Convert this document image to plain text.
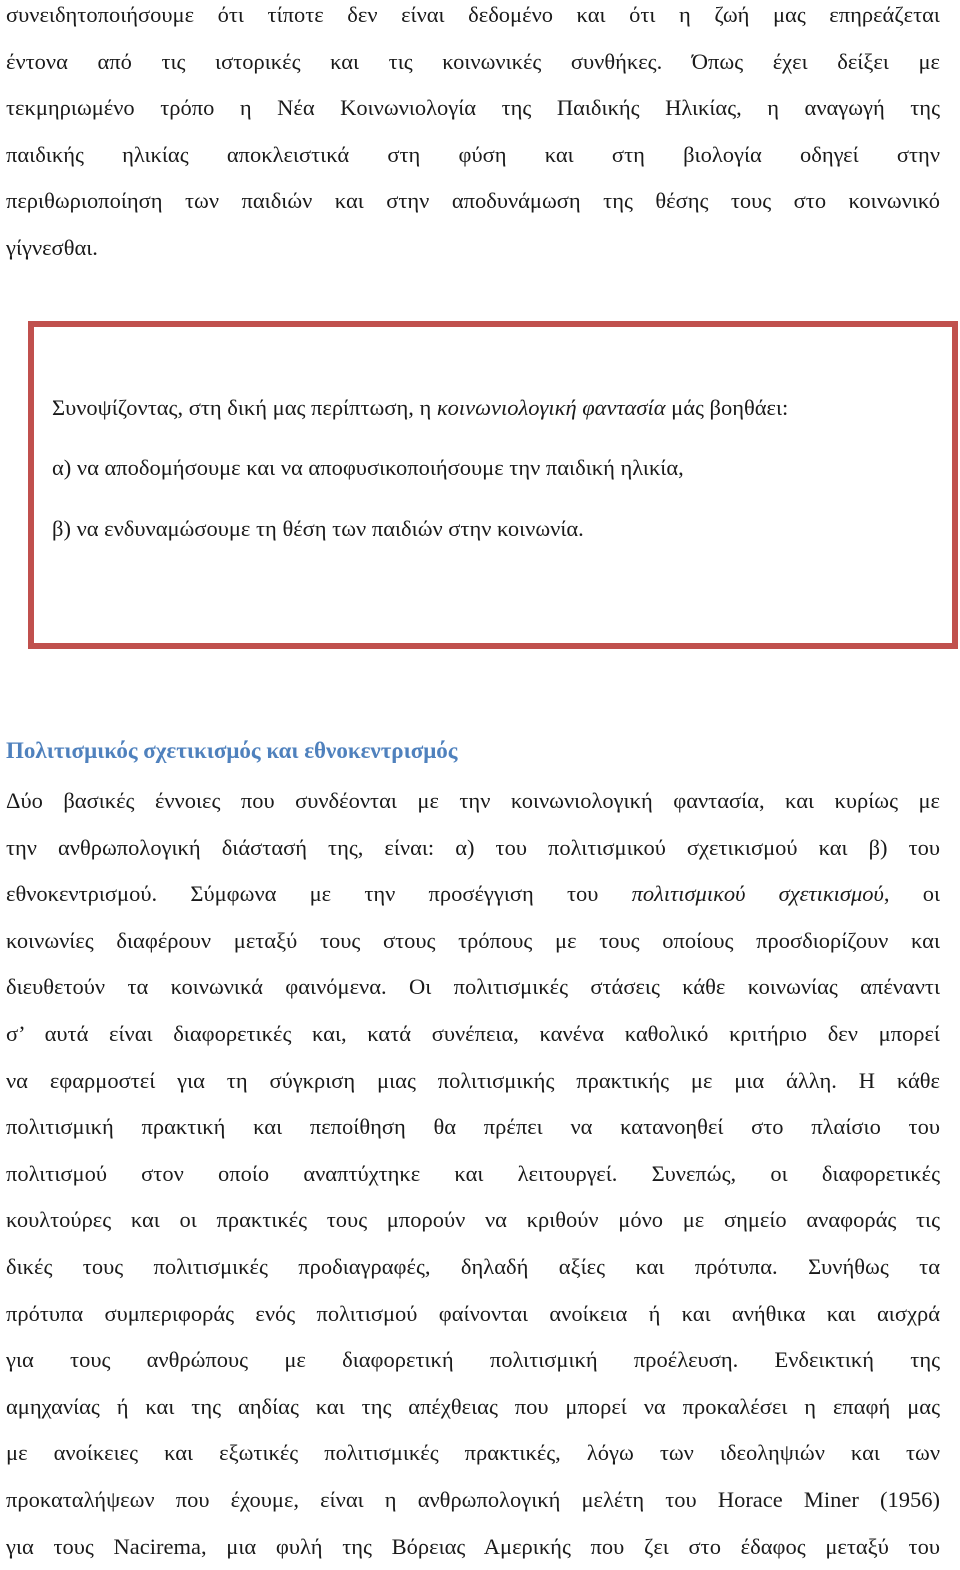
συνειδητοποιήσουμε ότι τίποτε δεν είναι δεδομένο και ότι η ζωή μας επηρεάζεται
έντονα από τις ιστορικές και τις κοινωνικές συνθήκες. Όπως έχει δείξει με
τεκμηριωμένο τρόπο η Νέα Κοινωνιολογία της Παιδικής Ηλικίας, η αναγωγή της
παιδικής ηλικίας αποκλειστικά στη φύση και στη βιολογία οδηγεί στην
περιθωριοποίηση των παιδιών και στην αποδυνάμωση της θέσης τους στο κοινωνικό
γίγνεσθαι.

Συνοψίζοντας, στη δική μας περίπτωση, η κοινωνιολογική φαντασία μάς βοηθάει:

α) να αποδομήσουμε και να αποφυσικοποιήσουμε την παιδική ηλικία,

β) να ενδυναμώσουμε τη θέση των παιδιών στην κοινωνία.

Πολιτισμικός σχετικισμός και εθνοκεντρισμός
Δύο βασικές έννοιες που συνδέονται με την κοινωνιολογική φαντασία, και κυρίως με
την ανθρωπολογική διάστασή της, είναι: α) του πολιτισμικού σχετικισμού και β) του
εθνοκεντρισμού. Σύμφωνα με την προσέγγιση του πολιτισμικού σχετικισμού, οι
κοινωνίες διαφέρουν μεταξύ τους στους τρόπους με τους οποίους προσδιορίζουν και
διευθετούν τα κοινωνικά φαινόμενα. Οι πολιτισμικές στάσεις κάθε κοινωνίας απέναντι
σ’ αυτά είναι διαφορετικές και, κατά συνέπεια, κανένα καθολικό κριτήριο δεν μπορεί
να εφαρμοστεί για τη σύγκριση μιας πολιτισμικής πρακτικής με μια άλλη. Η κάθε
πολιτισμική πρακτική και πεποίθηση θα πρέπει να κατανοηθεί στο πλαίσιο του
πολιτισμού στον οποίο αναπτύχτηκε και λειτουργεί. Συνεπώς, οι διαφορετικές
κουλτούρες και οι πρακτικές τους μπορούν να κριθούν μόνο με σημείο αναφοράς τις
δικές τους πολιτισμικές προδιαγραφές, δηλαδή αξίες και πρότυπα. Συνήθως τα
πρότυπα συμπεριφοράς ενός πολιτισμού φαίνονται ανοίκεια ή και ανήθικα και αισχρά
για τους ανθρώπους με διαφορετική πολιτισμική προέλευση. Ενδεικτική της
αμηχανίας ή και της αηδίας και της απέχθειας που μπορεί να προκαλέσει η επαφή μας
με ανοίκειες και εξωτικές πολιτισμικές πρακτικές, λόγω των ιδεοληψιών και των
προκαταλήψεων που έχουμε, είναι η ανθρωπολογική μελέτη του Horace Miner (1956)
για τους Nacirema, μια φυλή της Βόρειας Αμερικής που ζει στο έδαφος μεταξύ του
